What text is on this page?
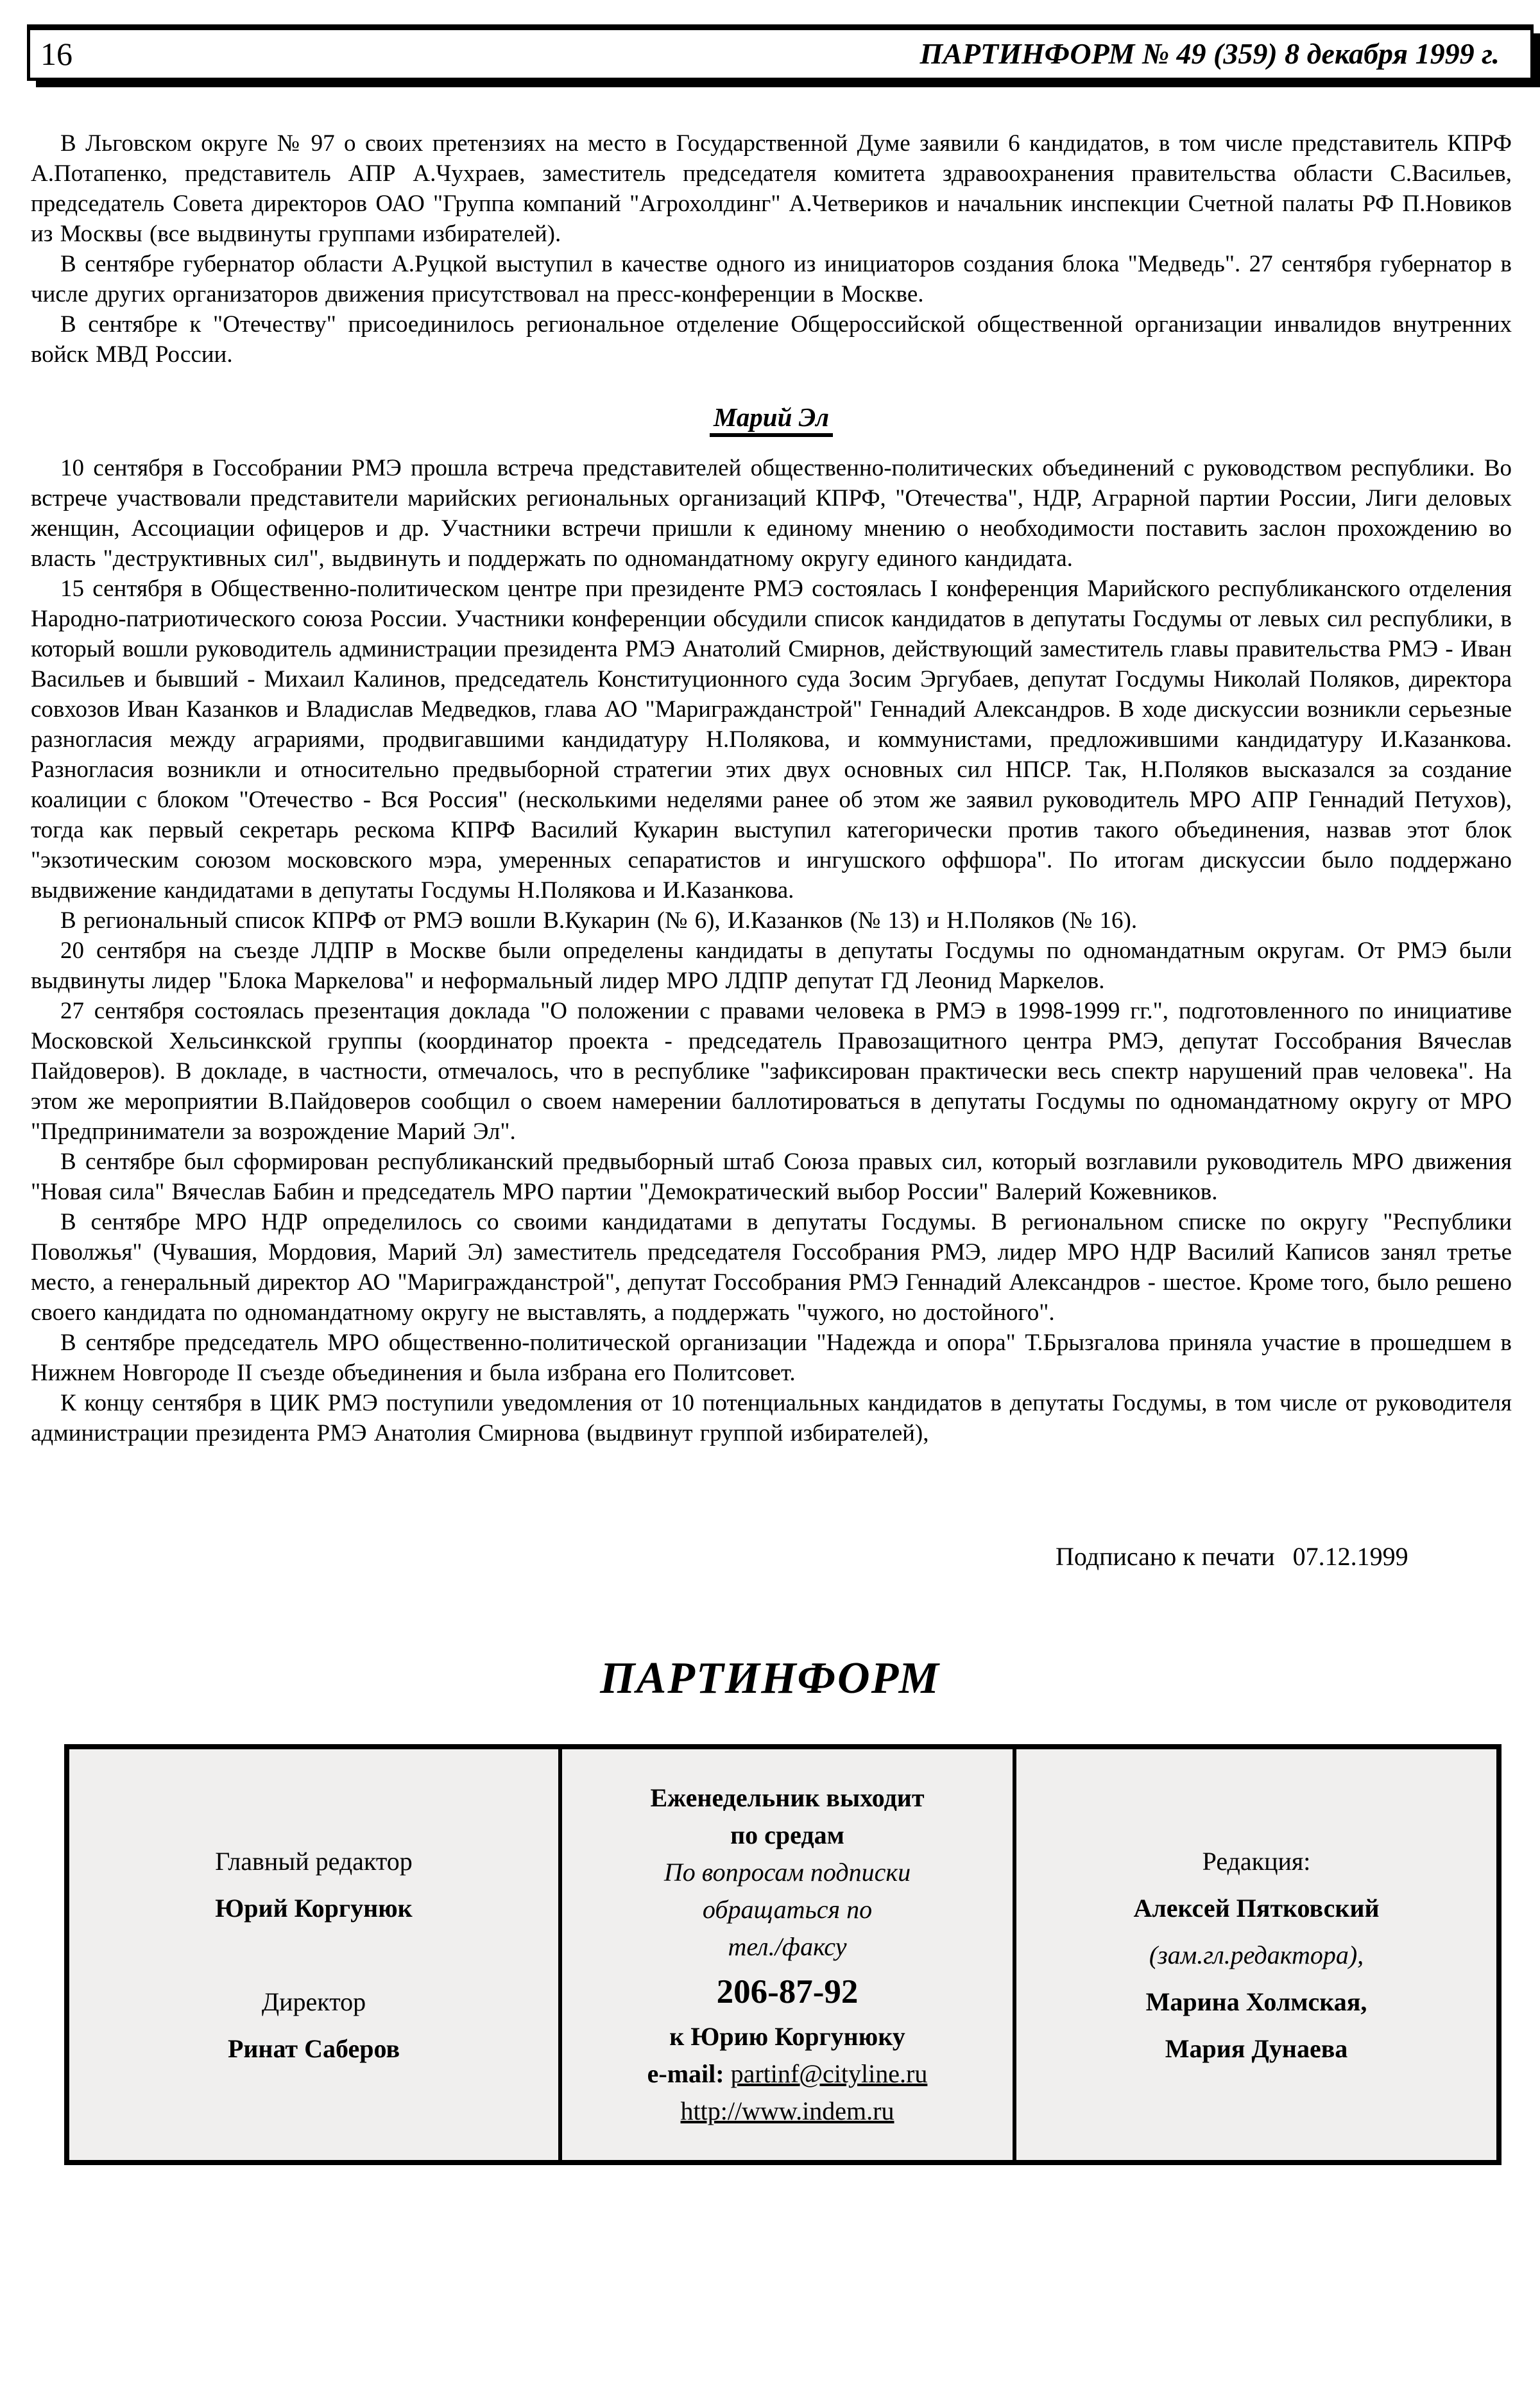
16	ПАРТИНФОРМ № 49 (359) 8 декабря 1999 г.

В Льговском округе № 97 о своих претензиях на место в Государственной Думе заявили 6 кандидатов, в том числе представитель КПРФ А.Потапенко, представитель АПР А.Чухраев, заместитель председателя комитета здравоохранения правительства области С.Васильев, председатель Совета директоров ОАО "Группа компаний "Агрохолдинг" А.Четвериков и начальник инспекции Счетной палаты РФ П.Новиков из Москвы (все выдвинуты группами избирателей).

В сентябре губернатор области А.Руцкой выступил в качестве одного из инициаторов создания блока "Медведь". 27 сентября губернатор в числе других организаторов движения присутствовал на пресс-конференции в Москве.

В сентябре к "Отечеству" присоединилось региональное отделение Общероссийской общественной организации инвалидов внутренних войск МВД России.

Марий Эл

10 сентября в Госсобрании РМЭ прошла встреча представителей общественно-политических объединений с руководством республики. Во встрече участвовали представители марийских региональных организаций КПРФ, "Отечества", НДР, Аграрной партии России, Лиги деловых женщин, Ассоциации офицеров и др. Участники встречи пришли к единому мнению о необходимости поставить заслон прохождению во власть "деструктивных сил", выдвинуть и поддержать по одномандатному округу единого кандидата.

15 сентября в Общественно-политическом центре при президенте РМЭ состоялась I конференция Марийского республиканского отделения Народно-патриотического союза России. Участники конференции обсудили список кандидатов в депутаты Госдумы от левых сил республики, в который вошли руководитель администрации президента РМЭ Анатолий Смирнов, действующий заместитель главы правительства РМЭ - Иван Васильев и бывший - Михаил Калинов, председатель Конституционного суда Зосим Эргубаев, депутат Госдумы Николай Поляков, директора совхозов Иван Казанков и Владислав Медведков, глава АО "Маригражданстрой" Геннадий Александров. В ходе дискуссии возникли серьезные разногласия между аграриями, продвигавшими кандидатуру Н.Полякова, и коммунистами, предложившими кандидатуру И.Казанкова. Разногласия возникли и относительно предвыборной стратегии этих двух основных сил НПСР. Так, Н.Поляков высказался за создание коалиции с блоком "Отечество - Вся Россия" (несколькими неделями ранее об этом же заявил руководитель МРО АПР Геннадий Петухов), тогда как первый секретарь рескома КПРФ Василий Кукарин выступил категорически против такого объединения, назвав этот блок "экзотическим союзом московского мэра, умеренных сепаратистов и ингушского оффшора". По итогам дискуссии было поддержано выдвижение кандидатами в депутаты Госдумы Н.Полякова и И.Казанкова.

В региональный список КПРФ от РМЭ вошли В.Кукарин (№ 6), И.Казанков (№ 13) и Н.Поляков (№ 16).

20 сентября на съезде ЛДПР в Москве были определены кандидаты в депутаты Госдумы по одномандатным округам. От РМЭ были выдвинуты лидер "Блока Маркелова" и неформальный лидер МРО ЛДПР депутат ГД Леонид Маркелов.

27 сентября состоялась презентация доклада "О положении с правами человека в РМЭ в 1998-1999 гг.", подготовленного по инициативе Московской Хельсинкской группы (координатор проекта - председатель Правозащитного центра РМЭ, депутат Госсобрания Вячеслав Пайдоверов). В докладе, в частности, отмечалось, что в республике "зафиксирован практически весь спектр нарушений прав человека". На этом же мероприятии В.Пайдоверов сообщил о своем намерении баллотироваться в депутаты Госдумы по одномандатному округу от МРО "Предприниматели за возрождение Марий Эл".

В сентябре был сформирован республиканский предвыборный штаб Союза правых сил, который возглавили руководитель МРО движения "Новая сила" Вячеслав Бабин и председатель МРО партии "Демократический выбор России" Валерий Кожевников.

В сентябре МРО НДР определилось со своими кандидатами в депутаты Госдумы. В региональном списке по округу "Республики Поволжья" (Чувашия, Мордовия, Марий Эл) заместитель председателя Госсобрания РМЭ, лидер МРО НДР Василий Каписов занял третье место, а генеральный директор АО "Маригражданстрой", депутат Госсобрания РМЭ Геннадий Александров - шестое. Кроме того, было решено своего кандидата по одномандатному округу не выставлять, а поддержать "чужого, но достойного".

В сентябре председатель МРО общественно-политической организации "Надежда и опора" Т.Брызгалова приняла участие в прошедшем в Нижнем Новгороде II съезде объединения и была избрана его Политсовет.

К концу сентября в ЦИК РМЭ поступили уведомления от 10 потенциальных кандидатов в депутаты Госдумы, в том числе от руководителя администрации президента РМЭ Анатолия Смирнова (выдвинут группой избирателей),

Подписано к печати 07.12.1999
ПАРТИНФОРМ
Главный редактор
Юрий Коргунюк

Директор
Ринат Саберов
Еженедельник выходит
по средам
По вопросам подписки
обращаться по
тел./факсу
206-87-92
к Юрию Коргунюку
e-mail: partinf@cityline.ru
http://www.indem.ru
Редакция:
Алексей Пятковский
(зам.гл.редактора),
Марина Холмская,
Мария Дунаева
